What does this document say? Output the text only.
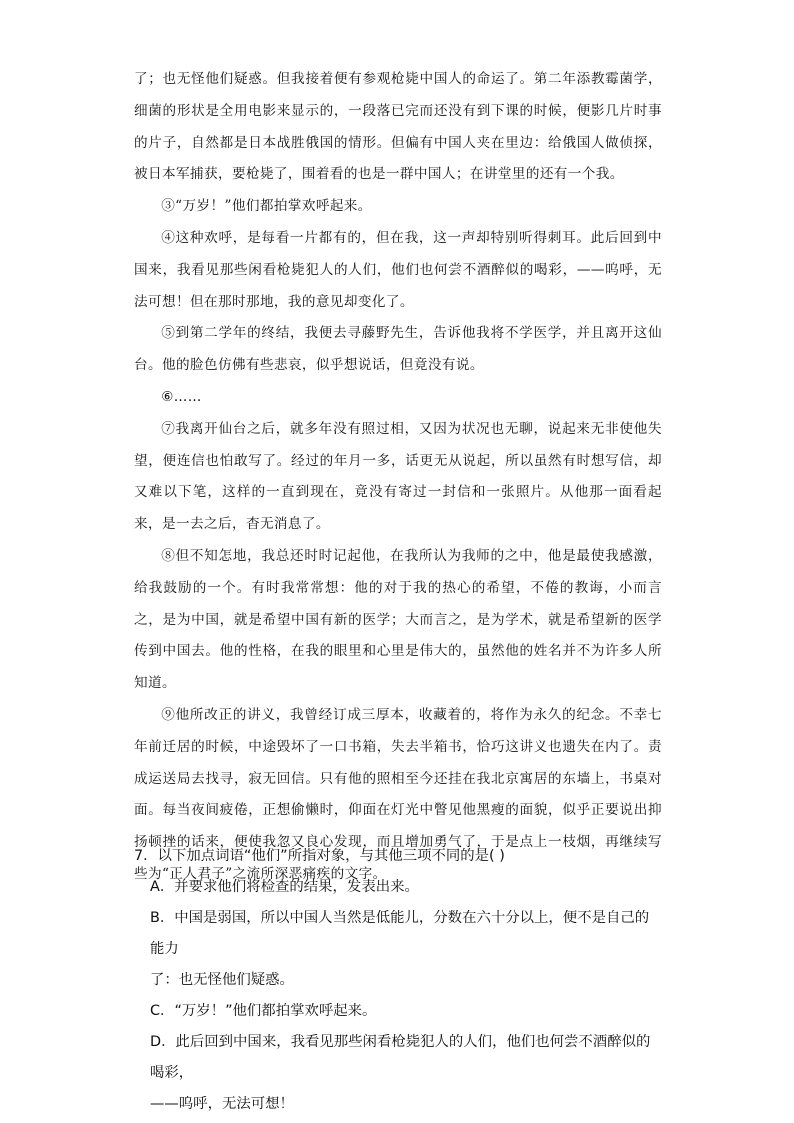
了；也无怪他们疑惑。但我接着便有参观枪毙中国人的命运了。第二年添教霉菌学，细菌的形状是全用电影来显示的，一段落已完而还没有到下课的时候，便影几片时事的片子，自然都是日本战胜俄国的情形。但偏有中国人夹在里边：给俄国人做侦探，被日本军捕获，要枪毙了，围着看的也是一群中国人；在讲堂里的还有一个我。

③“万岁！”他们都拍掌欢呼起来。

④这种欢呼，是每看一片都有的，但在我，这一声却特别听得刺耳。此后回到中国来，我看见那些闲看枪毙犯人的人们，他们也何尝不酒醉似的喝彩，——呜呼，无法可想！但在那时那地，我的意见却变化了。

⑤到第二学年的终结，我便去寻藤野先生，告诉他我将不学医学，并且离开这仙台。他的脸色仿佛有些悲哀，似乎想说话，但竟没有说。

⑥……

⑦我离开仙台之后，就多年没有照过相，又因为状况也无聊，说起来无非使他失望，便连信也怕敢写了。经过的年月一多，话更无从说起，所以虽然有时想写信，却又难以下笔，这样的一直到现在，竟没有寄过一封信和一张照片。从他那一面看起来，是一去之后，杳无消息了。

⑧但不知怎地，我总还时时记起他，在我所认为我师的之中，他是最使我感激，给我鼓励的一个。有时我常常想：他的对于我的热心的希望，不倦的教诲，小而言之，是为中国，就是希望中国有新的医学；大而言之，是为学术，就是希望新的医学传到中国去。他的性格，在我的眼里和心里是伟大的，虽然他的姓名并不为许多人所知道。

⑨他所改正的讲义，我曾经订成三厚本，收藏着的，将作为永久的纪念。不幸七年前迁居的时候，中途毁坏了一口书箱，失去半箱书，恰巧这讲义也遗失在内了。责成运送局去找寻，寂无回信。只有他的照相至今还挂在我北京寓居的东墙上，书桌对面。每当夜间疲倦，正想偷懒时，仰面在灯光中瞥见他黑瘦的面貌，似乎正要说出抑扬顿挫的话来，便使我忽又良心发现，而且增加勇气了，于是点上一枝烟，再继续写些为“正人君子”之流所深恶痛疾的文字。

7．以下加点词语“他们”所指对象，与其他三项不同的是( )

A．并要求他们将检查的结果，发表出来。

B．中国是弱国，所以中国人当然是低能儿，分数在六十分以上，便不是自己的能力

了：也无怪他们疑惑。

C．“万岁！”他们都拍掌欢呼起来。

D．此后回到中国来，我看见那些闲看枪毙犯人的人们，他们也何尝不酒醉似的喝彩，

——呜呼，无法可想！
